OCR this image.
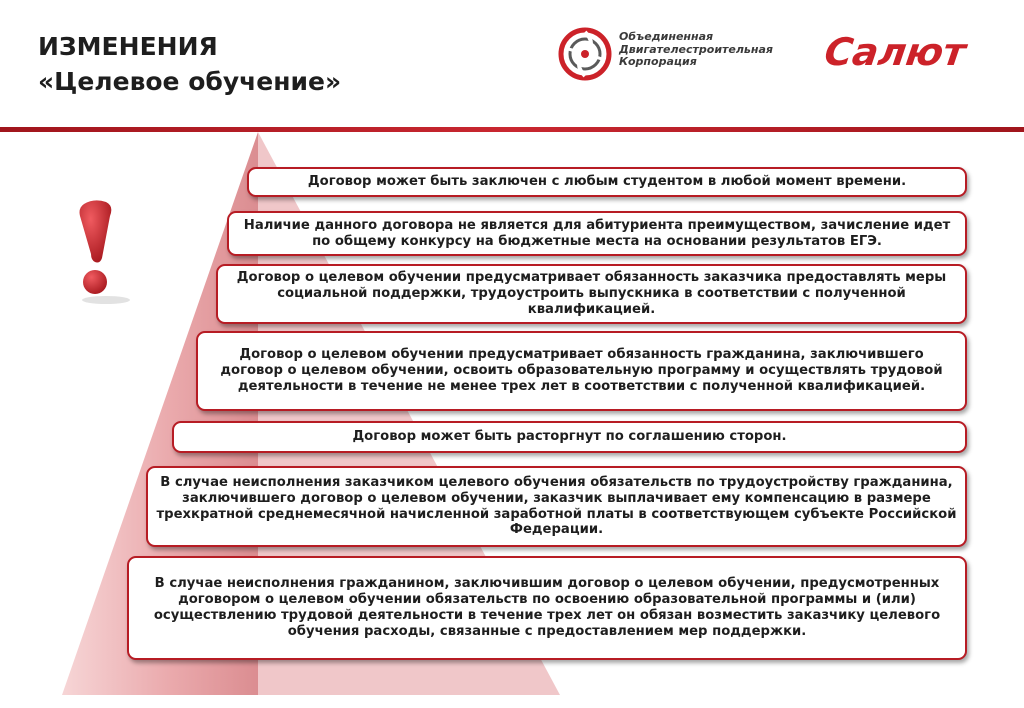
ИЗМЕНЕНИЯ
«Целевое обучение»
Объединенная
Двигателестроительная
Корпорация	Салют
Договор может быть заключен с любым студентом в любой момент времени.
Наличие данного договора не является для абитуриента преимуществом, зачисление идет по общему конкурсу на бюджетные места на основании результатов ЕГЭ.
Договор о целевом обучении предусматривает обязанность заказчика предоставлять меры социальной поддержки, трудоустроить выпускника в соответствии с полученной квалификацией.
Договор о целевом обучении предусматривает обязанность гражданина, заключившего договор о целевом обучении, освоить образовательную программу и осуществлять трудовой деятельности в течение не менее трех лет в соответствии с полученной квалификацией.
Договор может быть расторгнут по соглашению сторон.
В случае неисполнения заказчиком целевого обучения обязательств по трудоустройству гражданина, заключившего договор о целевом обучении, заказчик выплачивает ему компенсацию в размере трехкратной среднемесячной начисленной заработной платы в соответствующем субъекте Российской Федерации.
В случае неисполнения гражданином, заключившим договор о целевом обучении, предусмотренных договором о целевом обучении обязательств по освоению образовательной программы и (или) осуществлению трудовой деятельности в течение трех лет он обязан возместить заказчику целевого обучения расходы, связанные с предоставлением мер поддержки.
